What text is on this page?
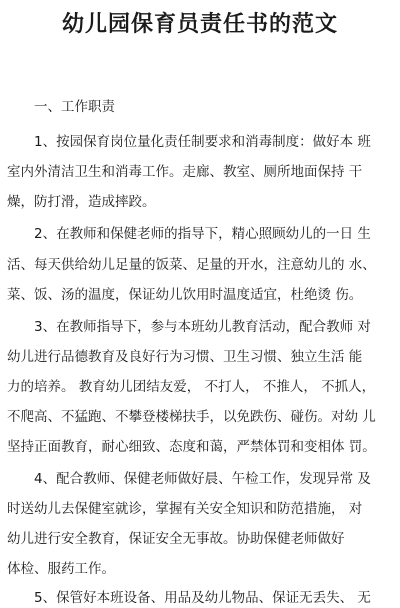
幼儿园保育员责任书的范文
一、工作职责
1、按园保育岗位量化责任制要求和消毒制度：做好本 班
室内外清洁卫生和消毒工作。走廊、教室、厕所地面保持 干
燥，防打滑，造成摔跤。
2、在教师和保健老师的指导下，精心照顾幼儿的一日 生
活、每天供给幼儿足量的饭菜、足量的开水，注意幼儿的 水、
菜、饭、汤的温度，保证幼儿饮用时温度适宜，杜绝烫 伤。
3、在教师指导下，参与本班幼儿教育活动，配合教师 对
幼儿进行品德教育及良好行为习惯、卫生习惯、独立生活 能
力的培养。 教育幼儿团结友爱， 不打人， 不推人， 不抓人，
不爬高、不猛跑、不攀登楼梯扶手，以免跌伤、碰伤。对幼 儿
坚持正面教育，耐心细致、态度和蔼，严禁体罚和变相体 罚。
4、配合教师、保健老师做好晨、午检工作，发现异常 及
时送幼儿去保健室就诊，掌握有关安全知识和防范措施， 对
幼儿进行安全教育，保证安全无事故。协助保健老师做好
体检、服药工作。
5、保管好本班设备、用品及幼儿物品、保证无丢失、 无
